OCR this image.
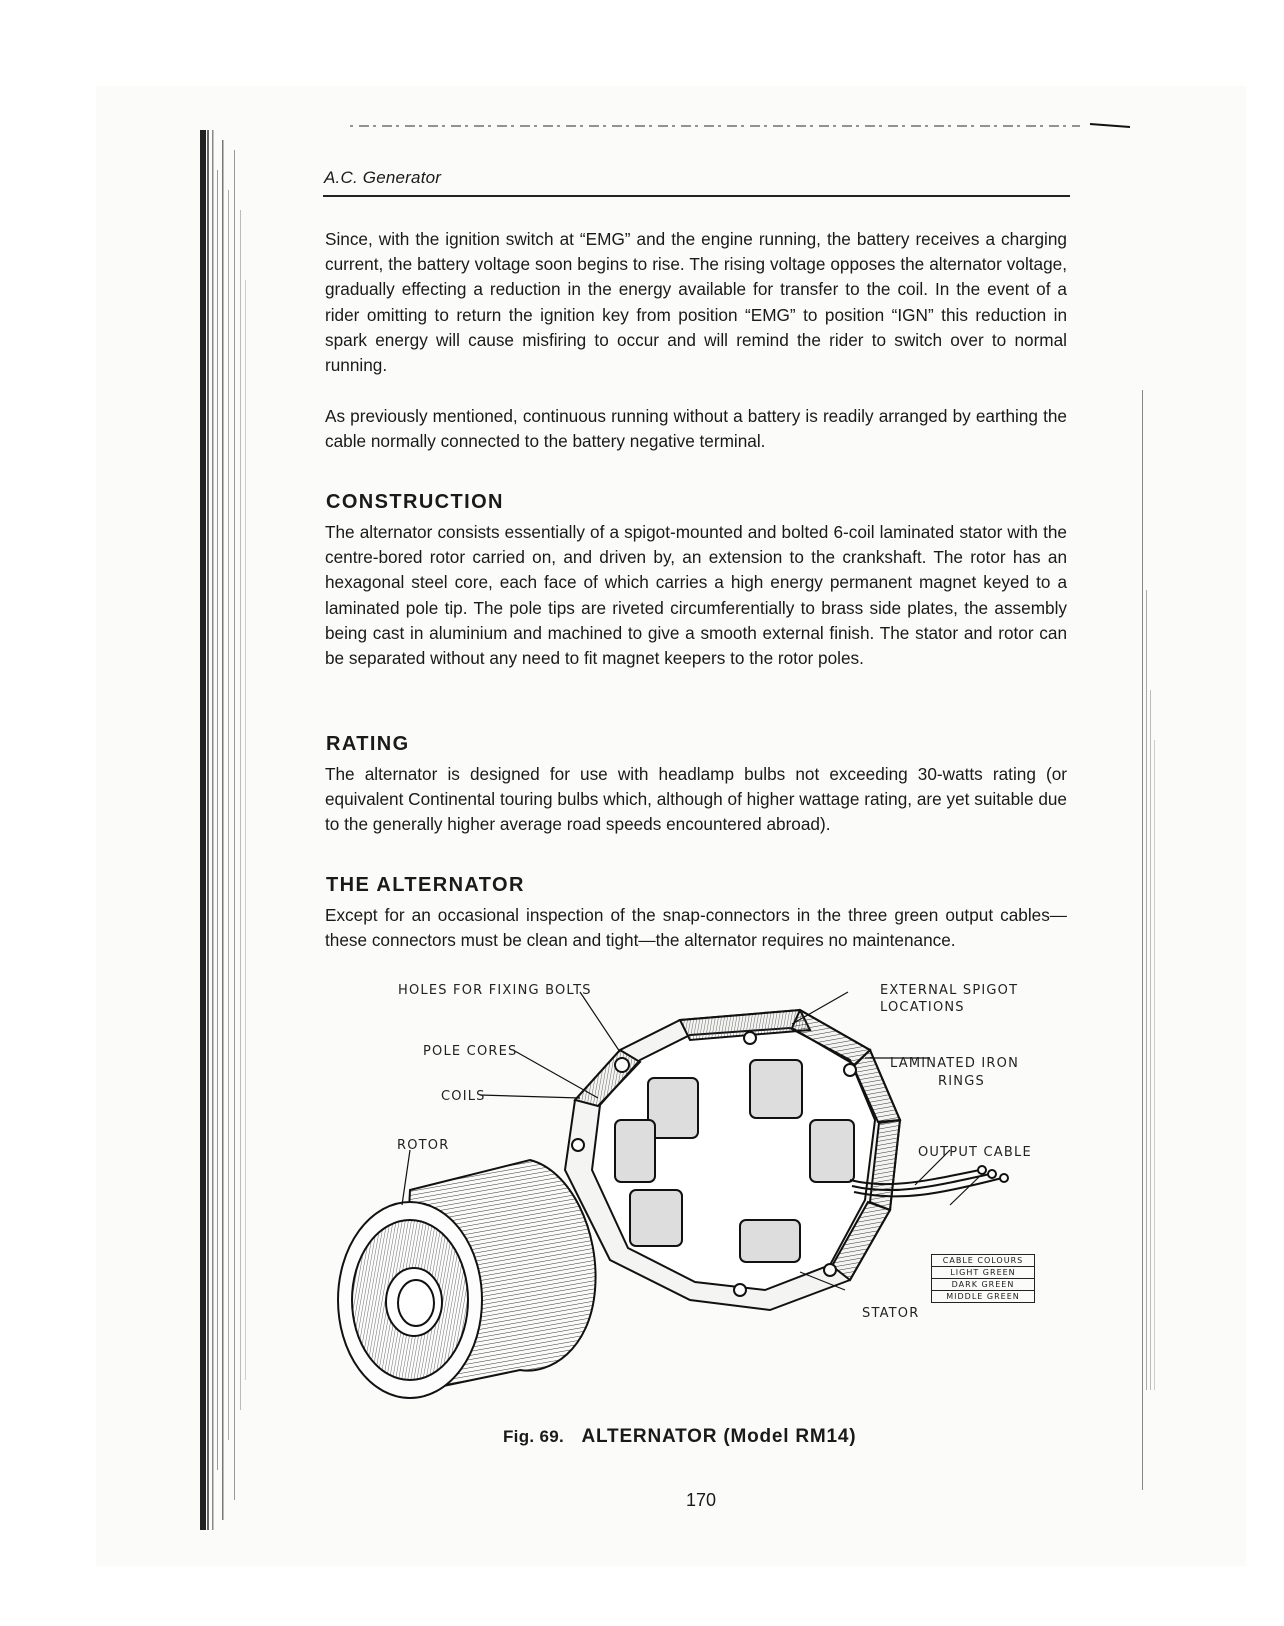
A.C. Generator

Since, with the ignition switch at “EMG” and the engine running, the battery receives a charging current, the battery voltage soon begins to rise. The rising voltage opposes the alternator voltage, gradually effecting a reduction in the energy available for transfer to the coil. In the event of a rider omitting to return the ignition key from position “EMG” to position “IGN” this reduction in spark energy will cause misfiring to occur and will remind the rider to switch over to normal running.

As previously mentioned, continuous running without a battery is readily arranged by earthing the cable normally connected to the battery negative terminal.

CONSTRUCTION

The alternator consists essentially of a spigot-mounted and bolted 6-coil laminated stator with the centre-bored rotor carried on, and driven by, an extension to the crankshaft. The rotor has an hexagonal steel core, each face of which carries a high energy permanent magnet keyed to a laminated pole tip. The pole tips are riveted circumferentially to brass side plates, the assembly being cast in aluminium and machined to give a smooth external finish. The stator and rotor can be separated without any need to fit magnet keepers to the rotor poles.

RATING

The alternator is designed for use with headlamp bulbs not exceeding 30-watts rating (or equivalent Continental touring bulbs which, although of higher wattage rating, are yet suitable due to the generally higher average road speeds encountered abroad).

THE ALTERNATOR

Except for an occasional inspection of the snap-connectors in the three green output cables—these connectors must be clean and tight—the alternator requires no maintenance.

HOLES FOR FIXING BOLTS
POLE CORES
COILS
ROTOR
EXTERNAL SPIGOT
LOCATIONS
LAMINATED IRON
RINGS
OUTPUT CABLE
STATOR
CABLE COLOURS
LIGHT GREEN
DARK GREEN
MIDDLE GREEN
Fig. 69. ALTERNATOR (Model RM14)
170
